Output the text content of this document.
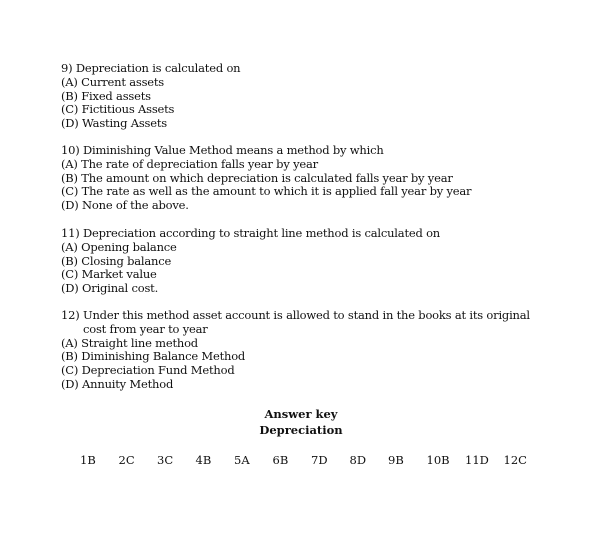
9) Depreciation is calculated on
(A) Current assets
(B) Fixed assets
(C) Fictitious Assets
(D) Wasting Assets
10) Diminishing Value Method means a method by which
(A) The rate of depreciation falls year by year
(B) The amount on which depreciation is calculated falls year by year
(C) The rate as well as the amount to which it is applied fall year by year
(D) None of the above.
11) Depreciation according to straight line method is calculated on
(A) Opening balance
(B) Closing balance
(C) Market value
(D) Original cost.
12) Under this method asset account is allowed to stand in the books at its original
cost from year to year
(A) Straight line method
(B) Diminishing Balance Method
(C) Depreciation Fund Method
(D) Annuity Method
Answer key
Depreciation
1B	2C	3C	4B	5A	6B	7D	8D	9B	10B	11D	12C
